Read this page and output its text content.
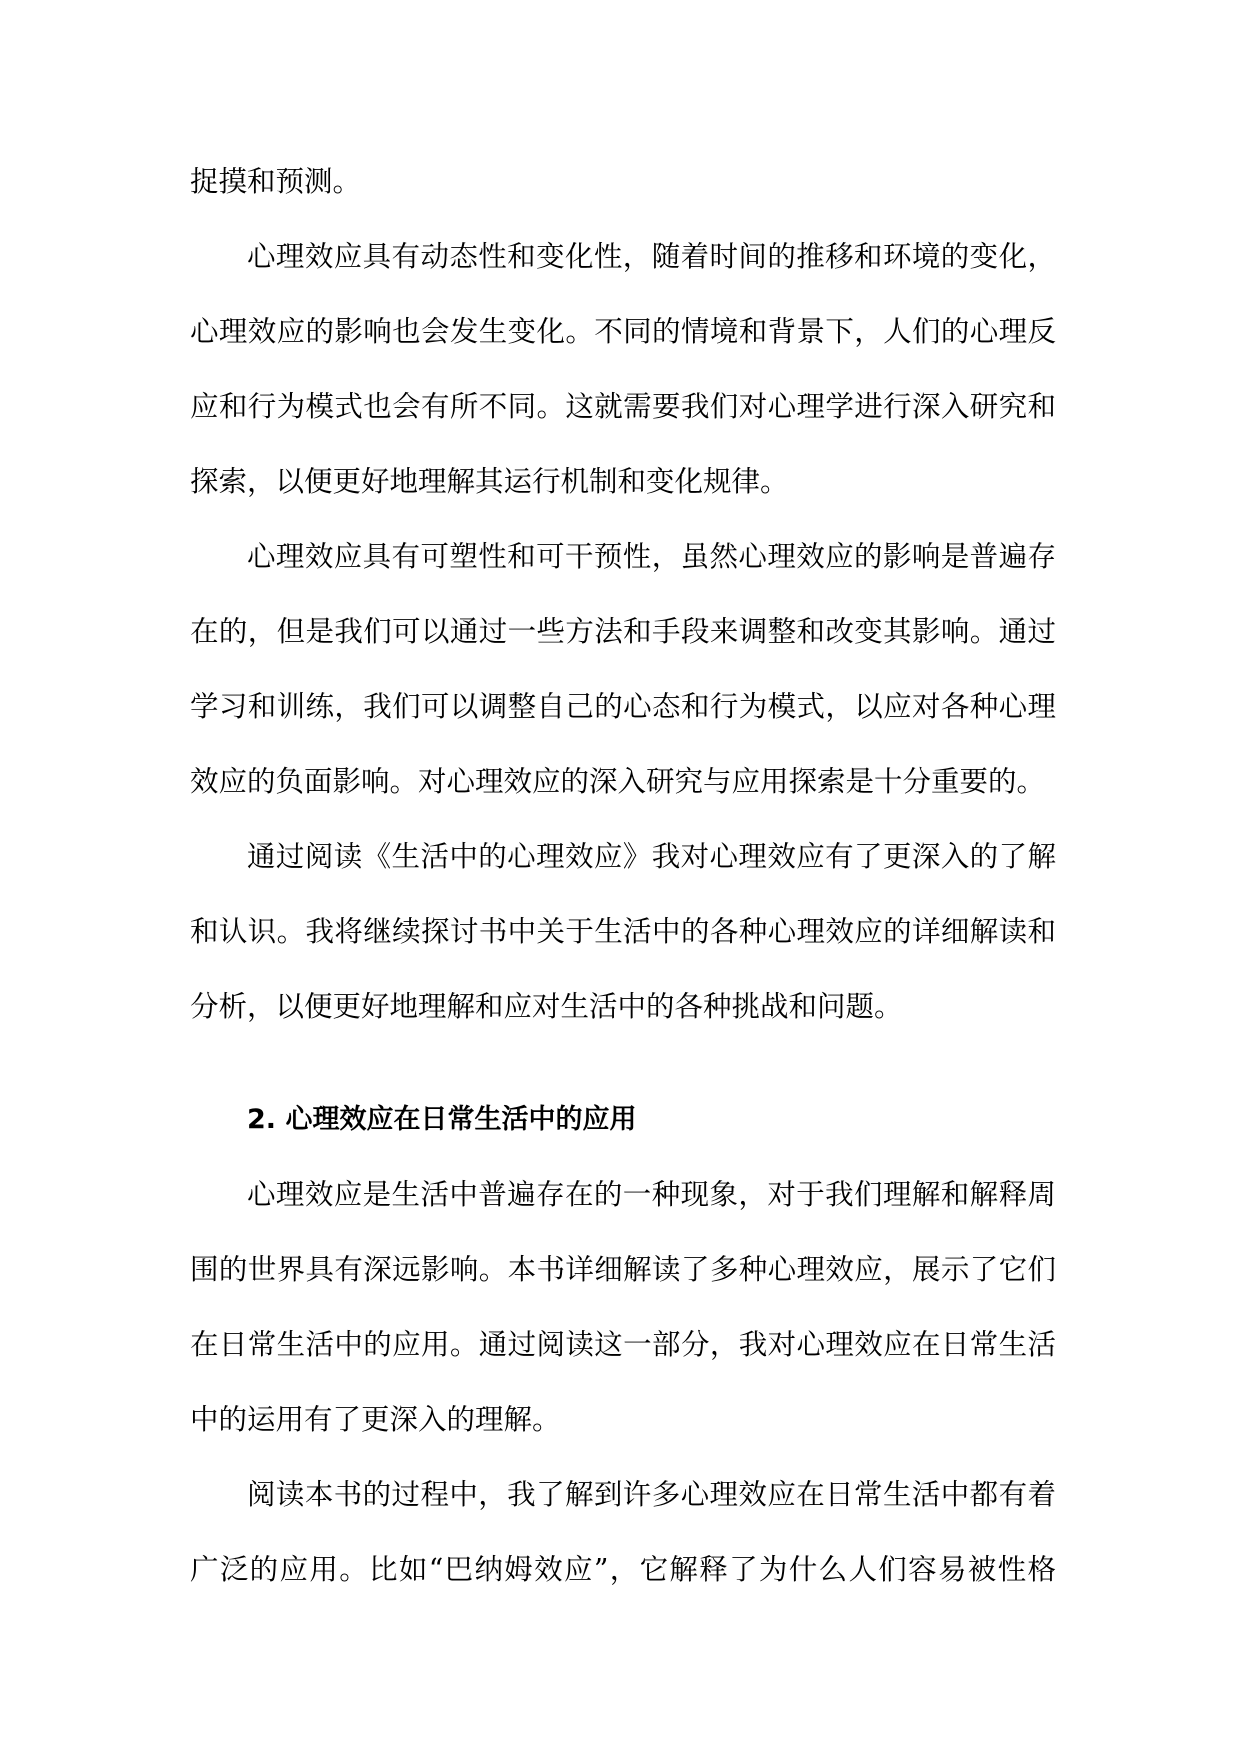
捉摸和预测。
心理效应具有动态性和变化性，随着时间的推移和环境的变化，
心理效应的影响也会发生变化。不同的情境和背景下，人们的心理反
应和行为模式也会有所不同。这就需要我们对心理学进行深入研究和
探索，以便更好地理解其运行机制和变化规律。
心理效应具有可塑性和可干预性，虽然心理效应的影响是普遍存
在的，但是我们可以通过一些方法和手段来调整和改变其影响。通过
学习和训练，我们可以调整自己的心态和行为模式，以应对各种心理
效应的负面影响。对心理效应的深入研究与应用探索是十分重要的。
通过阅读《生活中的心理效应》我对心理效应有了更深入的了解
和认识。我将继续探讨书中关于生活中的各种心理效应的详细解读和
分析，以便更好地理解和应对生活中的各种挑战和问题。
2. 心理效应在日常生活中的应用
心理效应是生活中普遍存在的一种现象，对于我们理解和解释周
围的世界具有深远影响。本书详细解读了多种心理效应，展示了它们
在日常生活中的应用。通过阅读这一部分，我对心理效应在日常生活
中的运用有了更深入的理解。
阅读本书的过程中，我了解到许多心理效应在日常生活中都有着
广泛的应用。比如“巴纳姆效应”，它解释了为什么人们容易被性格
